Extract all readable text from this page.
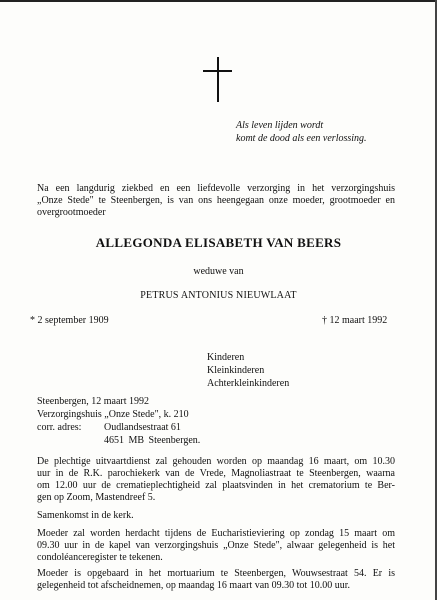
Als leven lijden wordt
komt de dood als een verlossing.
Na een langdurig ziekbed en een liefdevolle verzorging in het verzorgingshuis
„Onze Stede" te Steenbergen, is van ons heengegaan onze moeder, grootmoeder en
overgrootmoeder
ALLEGONDA ELISABETH VAN BEERS
weduwe van
PETRUS ANTONIUS NIEUWLAAT
* 2 september 1909	† 12 maart 1992
Kinderen
Kleinkinderen
Achterkleinkinderen
Steenbergen, 12 maart 1992
Verzorgingshuis „Onze Stede", k. 210
corr. adres: Oudlandsestraat 61
4651 MB Steenbergen.
De plechtige uitvaartdienst zal gehouden worden op maandag 16 maart, om 10.30
uur in de R.K. parochiekerk van de Vrede, Magnoliastraat te Steenbergen, waarna
om 12.00 uur de crematieplechtigheid zal plaatsvinden in het crematorium te Ber-
gen op Zoom, Mastendreef 5.
Samenkomst in de kerk.
Moeder zal worden herdacht tijdens de Eucharistieviering op zondag 15 maart om
09.30 uur in de kapel van verzorgingshuis „Onze Stede", alwaar gelegenheid is het
condoléanceregister te tekenen.
Moeder is opgebaard in het mortuarium te Steenbergen, Wouwsestraat 54. Er is
gelegenheid tot afscheidnemen, op maandag 16 maart van 09.30 tot 10.00 uur.
